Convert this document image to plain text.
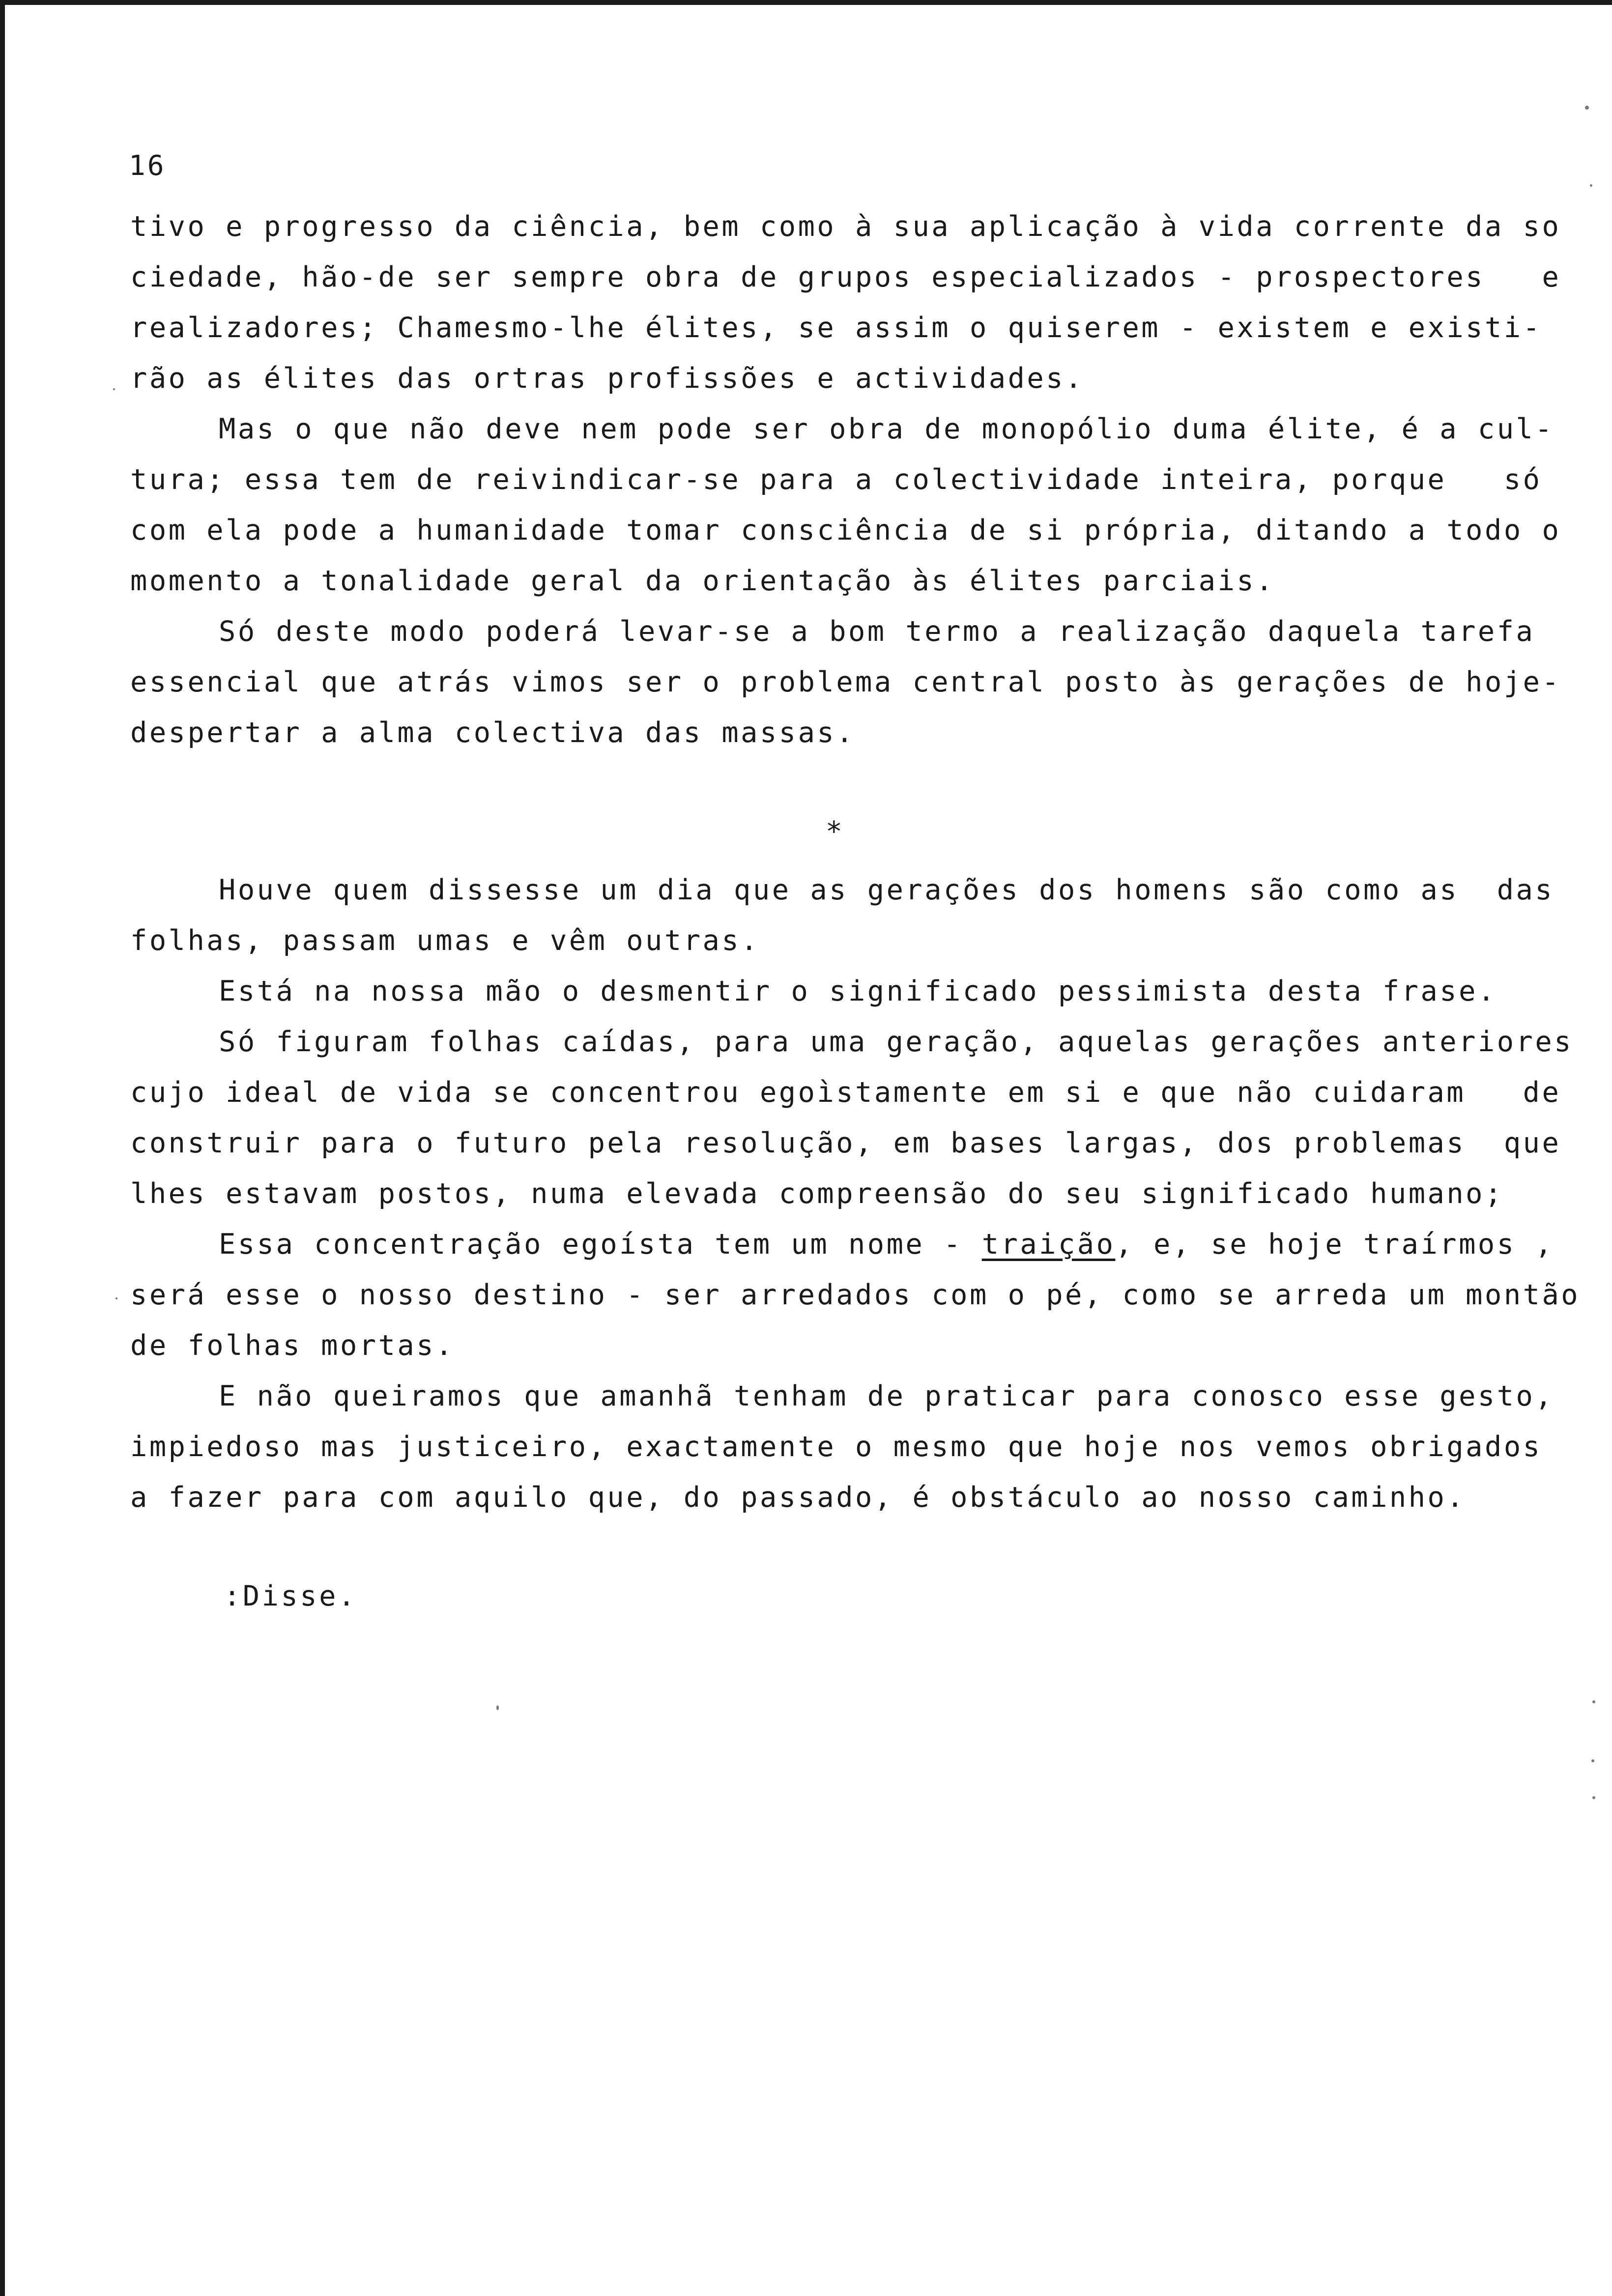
16
tivo e progresso da ciência, bem como à sua aplicação à vida corrente da so
ciedade, hão-de ser sempre obra de grupos especializados - prospectores   e
realizadores; Chamesmo-lhe élites, se assim o quiserem - existem e existi-
rão as élites das ortras profissões e actividades.
Mas o que não deve nem pode ser obra de monopólio duma élite, é a cul-
tura; essa tem de reivindicar-se para a colectividade inteira, porque   só
com ela pode a humanidade tomar consciência de si própria, ditando a todo o
momento a tonalidade geral da orientação às élites parciais.
Só deste modo poderá levar-se a bom termo a realização daquela tarefa
essencial que atrás vimos ser o problema central posto às gerações de hoje-
despertar a alma colectiva das massas.
*
Houve quem dissesse um dia que as gerações dos homens são como as  das
folhas, passam umas e vêm outras.
Está na nossa mão o desmentir o significado pessimista desta frase.
Só figuram folhas caídas, para uma geração, aquelas gerações anteriores
cujo ideal de vida se concentrou egoìstamente em si e que não cuidaram   de
construir para o futuro pela resolução, em bases largas, dos problemas  que
lhes estavam postos, numa elevada compreensão do seu significado humano;
Essa concentração egoísta tem um nome - traição, e, se hoje traírmos ,
será esse o nosso destino - ser arredados com o pé, como se arreda um montão
de folhas mortas.
E não queiramos que amanhã tenham de praticar para conosco esse gesto,
impiedoso mas justiceiro, exactamente o mesmo que hoje nos vemos obrigados
a fazer para com aquilo que, do passado, é obstáculo ao nosso caminho.
:Disse.
